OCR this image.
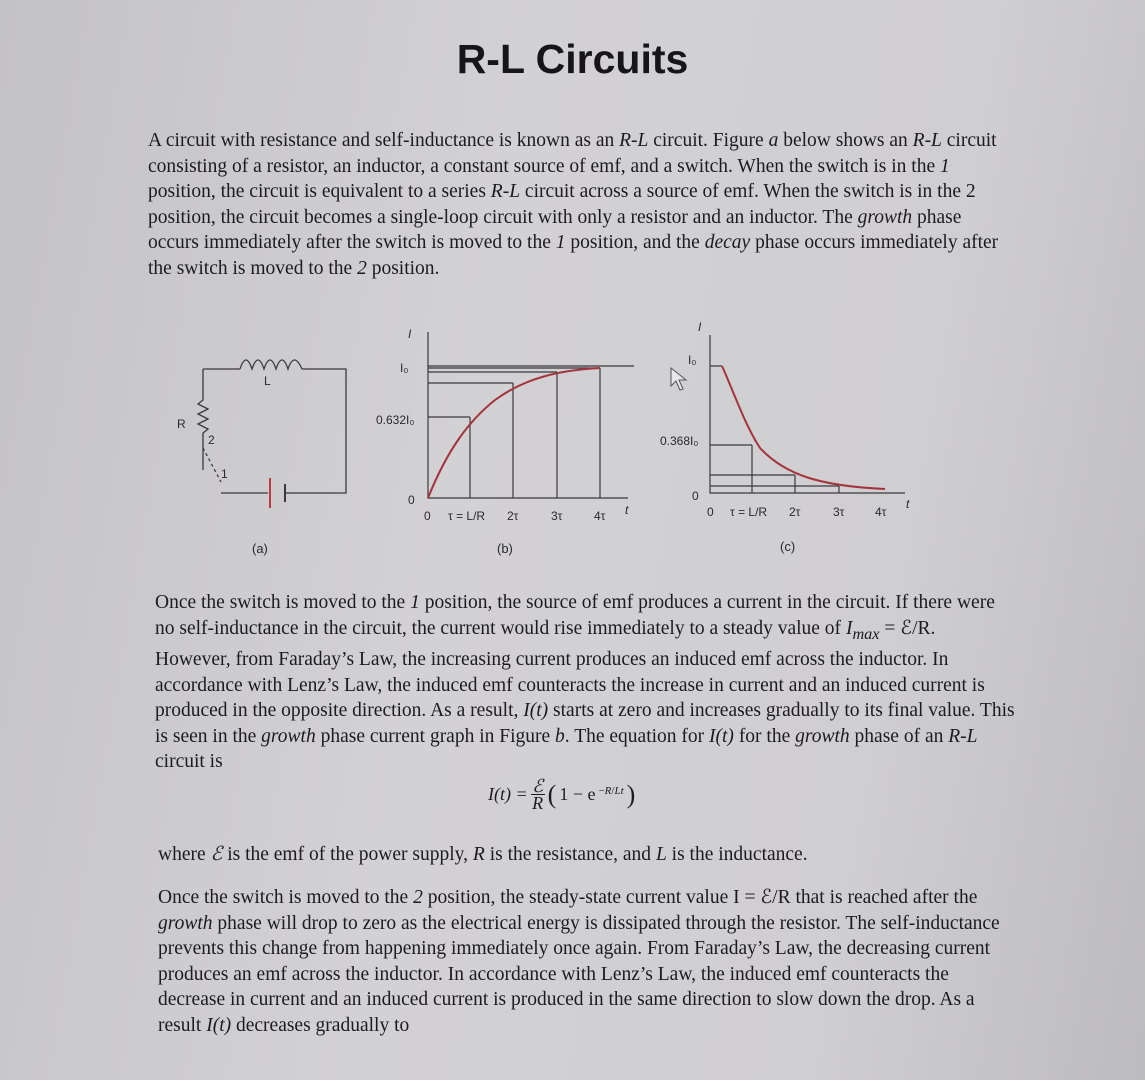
R-L Circuits

A circuit with resistance and self-inductance is known as an R-L circuit. Figure a below shows an R-L circuit consisting of a resistor, an inductor, a constant source of emf, and a switch. When the switch is in the 1 position, the circuit is equivalent to a series R-L circuit across a source of emf. When the switch is in the 2 position, the circuit becomes a single-loop circuit with only a resistor and an inductor. The growth phase occurs immediately after the switch is moved to the 1 position, and the decay phase occurs immediately after the switch is moved to the 2 position.

L
R
2
1
(a)
I
I₀
0.632I₀
0
0 τ = L/R 2τ	3τ	4τ t
(b)
I
I₀
0.368I₀
0
0 τ = L/R 2τ	3τ	4τ
t
(c)

Once the switch is moved to the 1 position, the source of emf produces a current in the circuit. If there were no self-inductance in the circuit, the current would rise immediately to a steady value of $I_{max}$ = ℰ/R. However, from Faraday’s Law, the increasing current produces an induced emf across the inductor. In accordance with Lenz’s Law, the induced emf counteracts the increase in current and an induced current is produced in the opposite direction. As a result, I(t) starts at zero and increases gradually to its final value. This is seen in the growth phase current graph in Figure b. The equation for I(t) for the growth phase of an R-L circuit is

$I(t) = \frac{\text{ℰ}}{R}$ ( 1 − e $^{-R/Lt}$ )

where ℰ is the emf of the power supply, R is the resistance, and L is the inductance.

Once the switch is moved to the 2 position, the steady-state current value I = ℰ/R that is reached after the growth phase will drop to zero as the electrical energy is dissipated through the resistor. The self-inductance prevents this change from happening immediately once again. From Faraday’s Law, the decreasing current produces an emf across the inductor. In accordance with Lenz’s Law, the induced emf counteracts the decrease in current and an induced current is produced in the same direction to slow down the drop. As a result I(t) decreases gradually to
